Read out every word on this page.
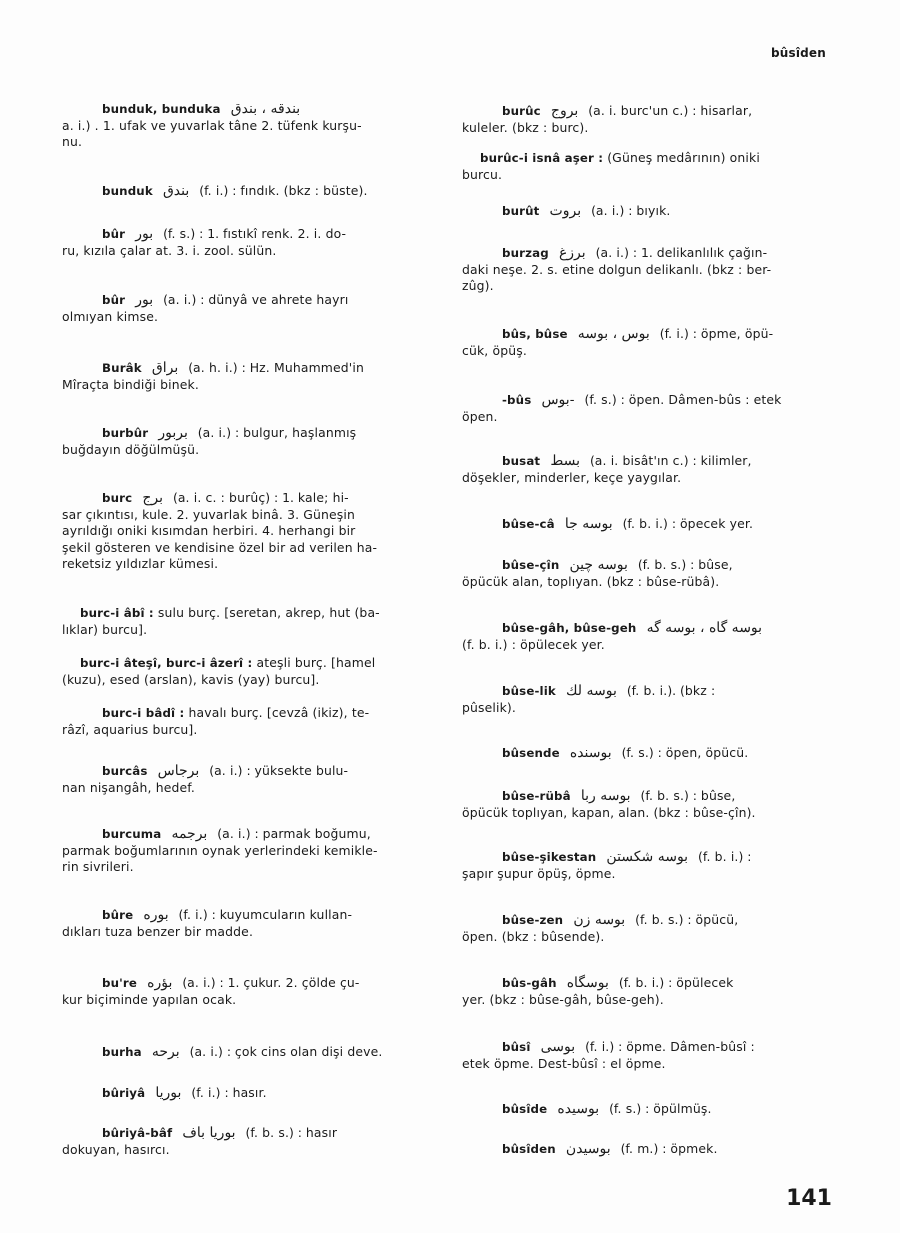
bûsîden

bunduk, bunduka بندقه ، بندق

a. i.) . 1. ufak ve yuvarlak tâne 2. tüfenk kurşu-
nu.

bunduk بندق (f. i.) : fındık. (bkz : büste).

bûr بور (f. s.) : 1. fıstıkî renk. 2. i. do-

ru, kızıla çalar at. 3. i. zool. sülün.

bûr بور (a. i.) : dünyâ ve ahrete hayrı

olmıyan kimse.

Burâk براق (a. h. i.) : Hz. Muhammed'in

Mîraçta bindiği binek.

burbûr بربور (a. i.) : bulgur, haşlanmış

buğdayın döğülmüşü.

burc برج (a. i. c. : burûç) : 1. kale; hi-

sar çıkıntısı, kule. 2. yuvarlak binâ. 3. Güneşin
ayrıldığı oniki kısımdan herbiri. 4. herhangi bir
şekil gösteren ve kendisine özel bir ad verilen ha-
reketsiz yıldızlar kümesi.

burc-i âbî : sulu burç. [seretan, akrep, hut (ba-

lıklar) burcu].

burc-i âteşî, burc-i âzerî : ateşli burç. [hamel

(kuzu), esed (arslan), kavis (yay) burcu].

burc-i bâdî : havalı burç. [cevzâ (ikiz), te-

râzî, aquarius burcu].

burcâs برجاس (a. i.) : yüksekte bulu-

nan nişangâh, hedef.

burcuma برجمه (a. i.) : parmak boğumu,

parmak boğumlarının oynak yerlerindeki kemikle-
rin sivrileri.

bûre بوره (f. i.) : kuyumcuların kullan-

dıkları tuza benzer bir madde.

bu're بؤره (a. i.) : 1. çukur. 2. çölde çu-

kur biçiminde yapılan ocak.

burha برحه (a. i.) : çok cins olan dişi deve.

bûriyâ بوريا (f. i.) : hasır.

bûriyâ-bâf بوريا باف (f. b. s.) : hasır

dokuyan, hasırcı.

burûc بروج (a. i. burc'un c.) : hisarlar,

kuleler. (bkz : burc).

burûc-i isnâ aşer : (Güneş medârının) oniki

burcu.

burût بروت (a. i.) : bıyık.

burzag برزغ (a. i.) : 1. delikanlılık çağın-

daki neşe. 2. s. etine dolgun delikanlı. (bkz : ber-
zûg).

bûs, bûse بوس ، بوسه (f. i.) : öpme, öpü-

cük, öpüş.

-bûs -بوس (f. s.) : öpen. Dâmen-bûs : etek

öpen.

busat بسط (a. i. bisât'ın c.) : kilimler,

döşekler, minderler, keçe yaygılar.

bûse-câ بوسه جا (f. b. i.) : öpecek yer.

bûse-çîn بوسه چين (f. b. s.) : bûse,

öpücük alan, toplıyan. (bkz : bûse-rübâ).

bûse-gâh, bûse-geh بوسه گاه ، بوسه گه

(f. b. i.) : öpülecek yer.

bûse-lik بوسه لك (f. b. i.). (bkz :

pûselik).

bûsende بوسنده (f. s.) : öpen, öpücü.

bûse-rübâ بوسه ربا (f. b. s.) : bûse,

öpücük toplıyan, kapan, alan. (bkz : bûse-çîn).

bûse-şikestan بوسه شكستن (f. b. i.) :

şapır şupur öpüş, öpme.

bûse-zen بوسه زن (f. b. s.) : öpücü,

öpen. (bkz : bûsende).

bûs-gâh بوسگاه (f. b. i.) : öpülecek

yer. (bkz : bûse-gâh, bûse-geh).

bûsî بوسى (f. i.) : öpme. Dâmen-bûsî :

etek öpme. Dest-bûsî : el öpme.

bûsîde بوسيده (f. s.) : öpülmüş.

bûsîden بوسيدن (f. m.) : öpmek.

141
